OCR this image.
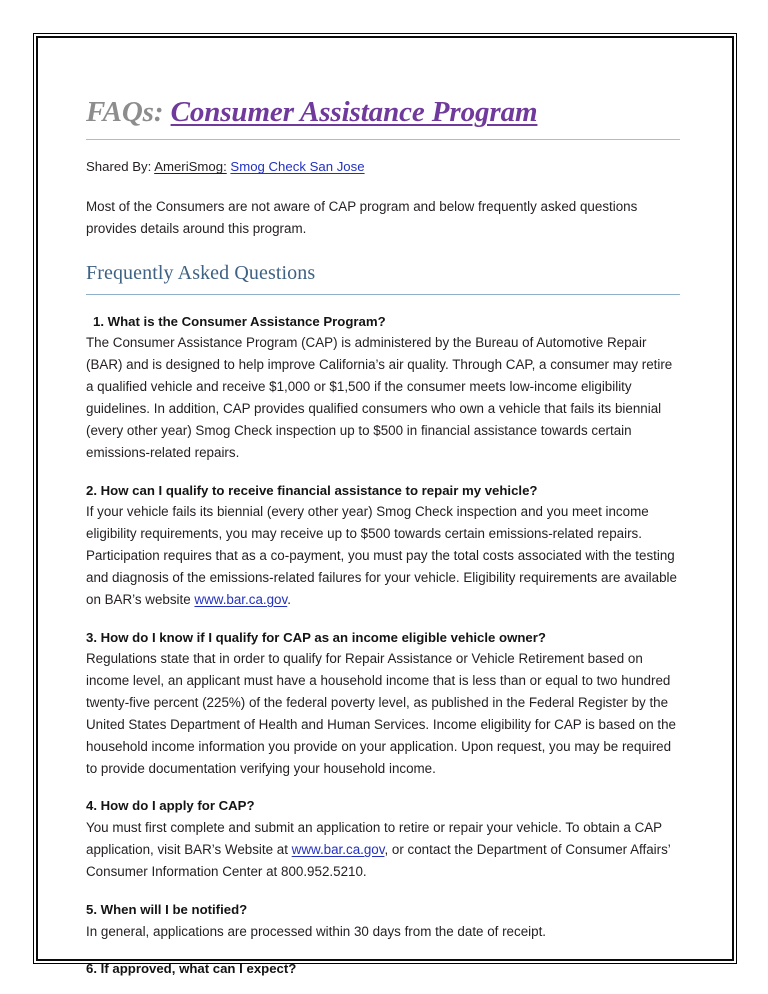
FAQs: Consumer Assistance Program

Shared By: AmeriSmog: Smog Check San Jose

Most of the Consumers are not aware of CAP program and below frequently asked questions provides details around this program.

Frequently Asked Questions

1. What is the Consumer Assistance Program?

The Consumer Assistance Program (CAP) is administered by the Bureau of Automotive Repair (BAR) and is designed to help improve California’s air quality. Through CAP, a consumer may retire a qualified vehicle and receive $1,000 or $1,500 if the consumer meets low-income eligibility guidelines. In addition, CAP provides qualified consumers who own a vehicle that fails its biennial (every other year) Smog Check inspection up to $500 in financial assistance towards certain emissions-related repairs.

2. How can I qualify to receive financial assistance to repair my vehicle?

If your vehicle fails its biennial (every other year) Smog Check inspection and you meet income eligibility requirements, you may receive up to $500 towards certain emissions-related repairs. Participation requires that as a co-payment, you must pay the total costs associated with the testing and diagnosis of the emissions-related failures for your vehicle. Eligibility requirements are available on BAR’s website www.bar.ca.gov.

3. How do I know if I qualify for CAP as an income eligible vehicle owner?

Regulations state that in order to qualify for Repair Assistance or Vehicle Retirement based on income level, an applicant must have a household income that is less than or equal to two hundred twenty-five percent (225%) of the federal poverty level, as published in the Federal Register by the United States Department of Health and Human Services. Income eligibility for CAP is based on the household income information you provide on your application. Upon request, you may be required to provide documentation verifying your household income.

4. How do I apply for CAP?

You must first complete and submit an application to retire or repair your vehicle. To obtain a CAP application, visit BAR’s Website at www.bar.ca.gov, or contact the Department of Consumer Affairs’ Consumer Information Center at 800.952.5210.

5. When will I be notified?

In general, applications are processed within 30 days from the date of receipt.

6. If approved, what can I expect?
